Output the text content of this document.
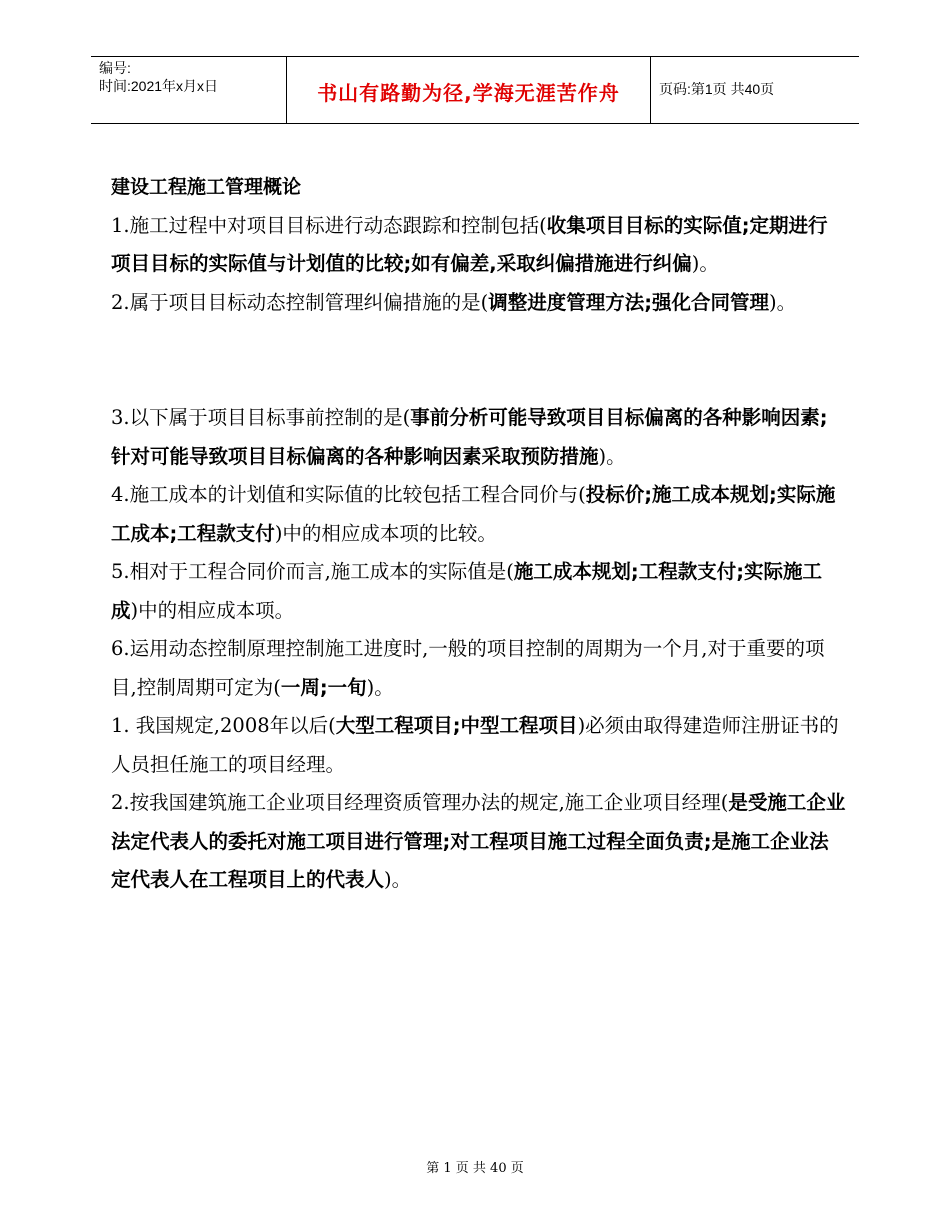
编号:
时间:2021年x月x日	书山有路勤为径,学海无涯苦作舟	页码:第1页 共40页

建设工程施工管理概论

1.施工过程中对项目目标进行动态跟踪和控制包括(收集项目目标的实际值;定期进行项目目标的实际值与计划值的比较;如有偏差,采取纠偏措施进行纠偏)。

2.属于项目目标动态控制管理纠偏措施的是(调整进度管理方法;强化合同管理)。

3.以下属于项目目标事前控制的是(事前分析可能导致项目目标偏离的各种影响因素;针对可能导致项目目标偏离的各种影响因素采取预防措施)。

4.施工成本的计划值和实际值的比较包括工程合同价与(投标价;施工成本规划;实际施工成本;工程款支付)中的相应成本项的比较。

5.相对于工程合同价而言,施工成本的实际值是(施工成本规划;工程款支付;实际施工成)中的相应成本项。

6.运用动态控制原理控制施工进度时,一般的项目控制的周期为一个月,对于重要的项目,控制周期可定为(一周;一旬)。

1. 我国规定,2008年以后(大型工程项目;中型工程项目)必须由取得建造师注册证书的人员担任施工的项目经理。

2.按我国建筑施工企业项目经理资质管理办法的规定,施工企业项目经理(是受施工企业法定代表人的委托对施工项目进行管理;对工程项目施工过程全面负责;是施工企业法定代表人在工程项目上的代表人)。

第 1 页 共 40 页
